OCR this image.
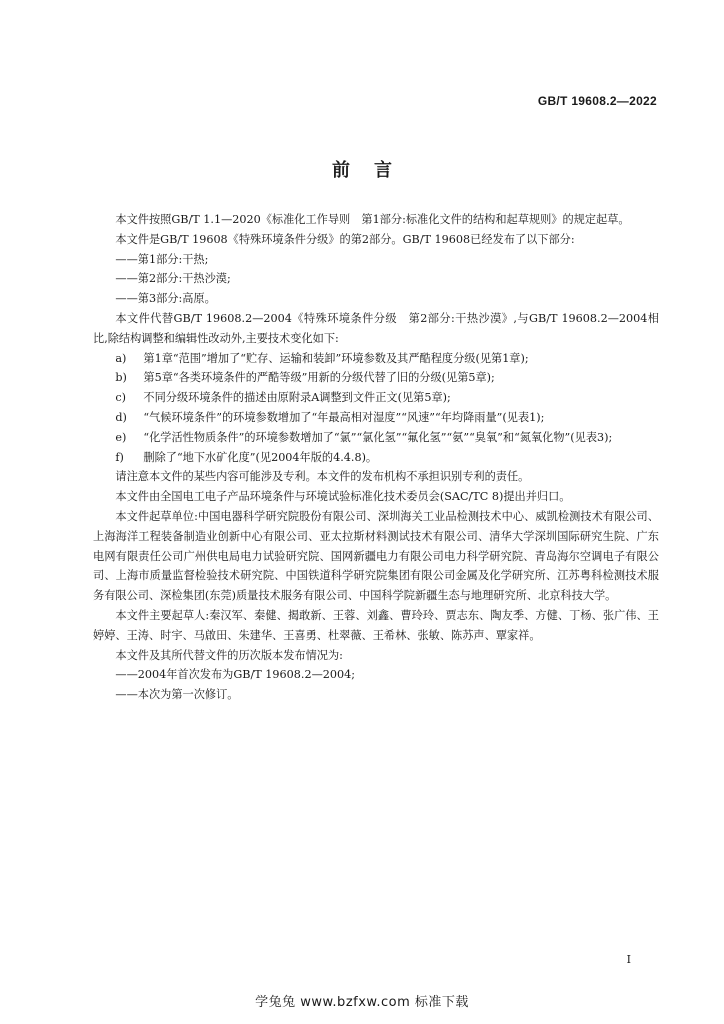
GB/T 19608.2—2022
前言
本文件按照GB/T 1.1—2020《标准化工作导则　第1部分:标准化文件的结构和起草规则》的规定起草。
本文件是GB/T 19608《特殊环境条件分级》的第2部分。GB/T 19608已经发布了以下部分:
——第1部分:干热;
——第2部分:干热沙漠;
——第3部分:高原。
本文件代替GB/T 19608.2—2004《特殊环境条件分级　第2部分:干热沙漠》,与GB/T 19608.2—2004相比,除结构调整和编辑性改动外,主要技术变化如下:
a) 第1章“范围”增加了“贮存、运输和装卸”环境参数及其严酷程度分级(见第1章);
b) 第5章“各类环境条件的严酷等级”用新的分级代替了旧的分级(见第5章);
c) 不同分级环境条件的描述由原附录A调整到文件正文(见第5章);
d) “气候环境条件”的环境参数增加了“年最高相对湿度”“风速”“年均降雨量”(见表1);
e) “化学活性物质条件”的环境参数增加了“氯”“氯化氢”“氟化氢”“氨”“臭氧”和“氮氧化物”(见表3);
f) 删除了“地下水矿化度”(见2004年版的4.4.8)。
请注意本文件的某些内容可能涉及专利。本文件的发布机构不承担识别专利的责任。
本文件由全国电工电子产品环境条件与环境试验标准化技术委员会(SAC/TC 8)提出并归口。
本文件起草单位:中国电器科学研究院股份有限公司、深圳海关工业品检测技术中心、威凯检测技术有限公司、上海海洋工程装备制造业创新中心有限公司、亚太拉斯材料测试技术有限公司、清华大学深圳国际研究生院、广东电网有限责任公司广州供电局电力试验研究院、国网新疆电力有限公司电力科学研究院、青岛海尔空调电子有限公司、上海市质量监督检验技术研究院、中国铁道科学研究院集团有限公司金属及化学研究所、江苏粤科检测技术服务有限公司、深检集团(东莞)质量技术服务有限公司、中国科学院新疆生态与地理研究所、北京科技大学。
本文件主要起草人:秦汉军、秦健、揭敢新、王蓉、刘鑫、曹玲玲、贾志东、陶友季、方健、丁杨、张广伟、王婷婷、王涛、时宇、马啟田、朱建华、王喜勇、杜翠薇、王希林、张敏、陈苏声、覃家祥。
本文件及其所代替文件的历次版本发布情况为:
——2004年首次发布为GB/T 19608.2—2004;
——本次为第一次修订。
I
学兔兔 www.bzfxw.com 标准下载
